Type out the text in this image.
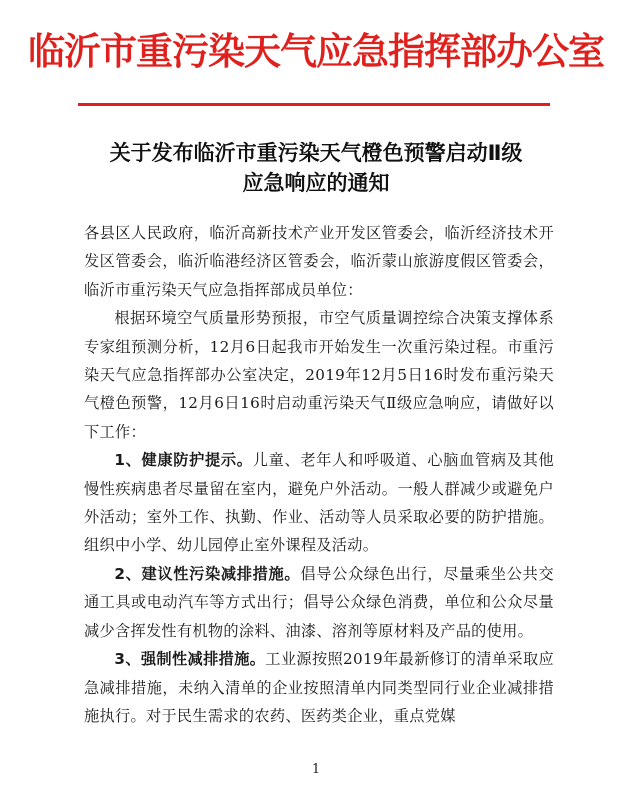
临沂市重污染天气应急指挥部办公室
关于发布临沂市重污染天气橙色预警启动Ⅱ级
应急响应的通知

各县区人民政府，临沂高新技术产业开发区管委会，临沂经济技术开发区管委会，临沂临港经济区管委会，临沂蒙山旅游度假区管委会，临沂市重污染天气应急指挥部成员单位：

根据环境空气质量形势预报，市空气质量调控综合决策支撑体系专家组预测分析，12月6日起我市开始发生一次重污染过程。市重污染天气应急指挥部办公室决定，2019年12月5日16时发布重污染天气橙色预警，12月6日16时启动重污染天气Ⅱ级应急响应，请做好以下工作：

1、健康防护提示。儿童、老年人和呼吸道、心脑血管病及其他慢性疾病患者尽量留在室内，避免户外活动。一般人群减少或避免户外活动；室外工作、执勤、作业、活动等人员采取必要的防护措施。组织中小学、幼儿园停止室外课程及活动。

2、建议性污染减排措施。倡导公众绿色出行，尽量乘坐公共交通工具或电动汽车等方式出行；倡导公众绿色消费，单位和公众尽量减少含挥发性有机物的涂料、油漆、溶剂等原材料及产品的使用。

3、强制性减排措施。工业源按照2019年最新修订的清单采取应急减排措施，未纳入清单的企业按照清单内同类型同行业企业减排措施执行。对于民生需求的农药、医药类企业，重点党媒

1
